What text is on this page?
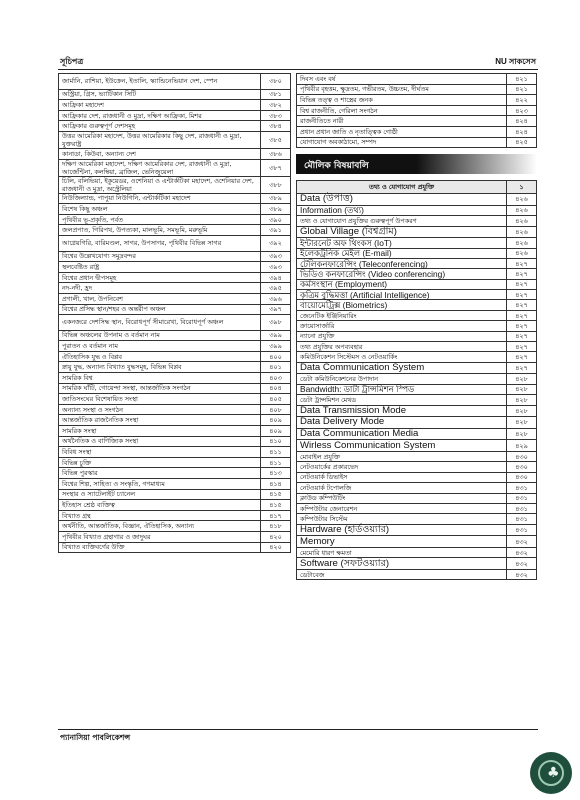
সূচিপত্র	NU সাকসেস
জার্মানি, রাশিয়া, ইউক্রেন, ইতালি, স্ক্যান্ডিনেভিয়ান দেশ, স্পেন	৩৮০
অস্ট্রিয়া, গ্রিস, ভ্যাটিকান সিটি	৩৮১
আফ্রিকা মহাদেশ	৩৮২
আফ্রিকার দেশ, রাজধানী ও মুদ্রা, দক্ষিণ আফ্রিকা, মিশর	৩৮৩
আফ্রিকার গুরুত্বপূর্ণ দেশসমূহ	৩৮৪
উত্তর আমেরিকা মহাদেশ, উত্তর আমেরিকার কিছু দেশ, রাজধানী ও মুদ্রা, যুক্তরাষ্ট্র	৩৮৫
কানাডা, কিউবা, অন্যান্য দেশ	৩৮৬
দক্ষিণ আমেরিকা মহাদেশ, দক্ষিণ আমেরিকার দেশ, রাজধানী ও মুদ্রা, আর্জেন্টিনা, কলম্বিয়া, ব্রাজিল, ভেনিজুয়েলা	৩৮৭
চিলি, বলিভিয়া, ইকুয়েডর, ওশেনিয়া ও এন্টার্কটিকা মহাদেশ, ওশেনিয়ার দেশ, রাজধানী ও মুদ্রা, অস্ট্রেলিয়া	৩৮৮
নিউজিল্যান্ড, পাপুয়া নিউগিনি, এন্টার্কটিকা মহাদেশ	৩৮৯
বিশেষ কিছু অঞ্চল	৩৮৯
পৃথিবীর ভূ-প্রকৃতি, পর্বত	৩৯০
জলপ্রপাত, গিরিপথ, উপত্যকা, মালভূমি, সমভূমি, মরুভূমি	৩৯১
আগ্নেয়গিরি, বারিমণ্ডল, সাগর, উপসাগর, পৃথিবীর বিভিন্ন সাগর	৩৯২
বিশ্বের উল্লেখযোগ্য সমুদ্রবন্দর	৩৯৩
স্থলবেষ্টিত রাষ্ট্র	৩৯৩
বিশ্বের প্রধান দ্বীপসমূহ	৩৯৪
নদ-নদী, হ্রদ	৩৯৫
প্রণালী, খাল, উপনিবেশ	৩৯৬
বিশ্বের প্রসিদ্ধ স্থান/শহর ও অন্তরীপ অঞ্চল	৩৯৭
একনজরে দেশসিদ্ধ স্থান, বিরোধপূর্ণ সীমারেখা, বিরোধপূর্ণ অঞ্চল	৩৯৮
বিভিন্ন অঞ্চলের উপনাম ও বর্তমান নাম	৩৯৯
পুরাতন ও বর্তমান নাম	৩৯৯
ঐতিহাসিক যুদ্ধ ও বিপ্লব	৪০০
স্নায়ু যুদ্ধ, অন্যান্য বিখ্যাত যুদ্ধসমূহ, বিভিন্ন বিপ্লব	৪০১
সামরিক বিশ্ব	৪০৩
সামরিক ঘাঁটি, গোয়েন্দা সংস্থা, আন্তর্জাতিক সংগঠন	৪০৪
জাতিসংঘের বিশেষায়িত সংস্থা	৪০৫
অন্যান্য সংস্থা ও সংগঠন	৪০৮
আন্তর্জাতিক রাজনৈতিক সংস্থা	৪০৯
সামরিক সংস্থা	৪০৯
অর্থনৈতিক ও বাণিজ্যিক সংস্থা	৪১০
বিবিধ সংস্থা	৪১১
বিভিন্ন চুক্তি	৪১১
বিভিন্ন পুরস্কার	৪১৩
বিশ্বের শিল্প, সাহিত্য ও সংস্কৃতি, গণমাধ্যম	৪১৪
সংস্থার ও স্যাটেলাইট চ্যানেল	৪১৫
ইতিহাস শ্রেষ্ঠ ব্যক্তিত্ব	৪১৫
বিখ্যাত গ্রন্থ	৪১৭
অর্থনীতি, আন্তর্জাতিক, বিজ্ঞান, ঐতিহাসিক, অন্যান্য	৪১৮
পৃথিবীর বিখ্যাত গ্রন্থাগার ও জাদুঘর	৪২০
বিখ্যাত ব্যক্তিবর্গের উক্তি	৪২০
দিবস এবং বর্ষ	৪২১
পৃথিবীর বৃহত্তম, ক্ষুদ্রতম, গভীরতম, উচ্চতম, দীর্ঘতম	৪২১
বিভিন্ন তত্ত্ব ও শাস্ত্রের জনক	৪২২
বিশ্ব রাজনীতি, গেরিলা সংগঠন	৪২৩
রাজনীতিতে নারী	৪২৪
প্রধান প্রধান জাতি ও নৃতাত্ত্বিক গোষ্ঠী	৪২৪
যোগাযোগ অবকাঠামো, সম্পদ	৪২৫
মৌলিক বিষয়াবলি
তথ্য ও যোগাযোগ প্রযুক্তি	১
Data (উপাত্ত)	৪২৬
Information (তথ্য)	৪২৬
তথ্য ও যোগাযোগ প্রযুক্তির গুরুত্বপূর্ণ উপকরণ	৪২৬
Global Village (বিশ্বগ্রাম)	৪২৬
ইন্টারনেট অফ থিংকস (IoT)	৪২৬
ইলেকট্রনিক মেইল (E-mail)	৪২৬
টেলিকনফারেন্সিং (Teleconferencing)	৪২৭
ভিডিও কনফারেন্সিং (Video conferencing)	৪২৭
কর্মসংস্থান (Employment)	৪২৭
কৃত্রিম বুদ্ধিমত্তা (Artificial Intelligence)	৪২৭
বায়োমেট্রিক্স (Biometrics)	৪২৭
জেনেটিক ইঞ্জিনিয়ারিং	৪২৭
ক্রায়োসার্জারি	৪২৭
ন্যানো প্রযুক্তি	৪২৭
তথ্য প্রযুক্তির অপব্যবহার	৪২৭
কমিউনিকেশন সিস্টেমস ও নেটওয়ার্কিং	৪২৭
Data Communication System	৪২৭
ডেটা কমিউনিকেশনের উপাদান	৪২৮
Bandwidth: ডাটা ট্রান্সমিশন স্পিড	৪২৮
ডেটা ট্রান্সমিশন মেথড	৪২৮
Data Transmission Mode	৪২৮
Data Delivery Mode	৪২৮
Data Communication Media	৪২৮
Wirless Communication System	৪২৯
মোবাইল প্রযুক্তি	৪৩০
নেটওয়ার্কের প্রকারভেদ	৪৩০
নেটওয়ার্ক ডিভাইস	৪৩০
নেটওয়ার্ক টপোলজি	৪৩১
ক্লাউড কম্পিউটিং	৪৩১
কম্পিউটার জেনারেশন	৪৩১
কম্পিউটার সিস্টেম	৪৩১
Hardware (হার্ডওয়্যার)	৪৩১
Memory	৪৩২
মেমোরি ধারণ ক্ষমতা	৪৩২
Software (সফটওয়্যার)	৪৩২
ডেটাবেজ	৪৩২
প্যানাসিয়া পাবলিকেশন্স
♣
